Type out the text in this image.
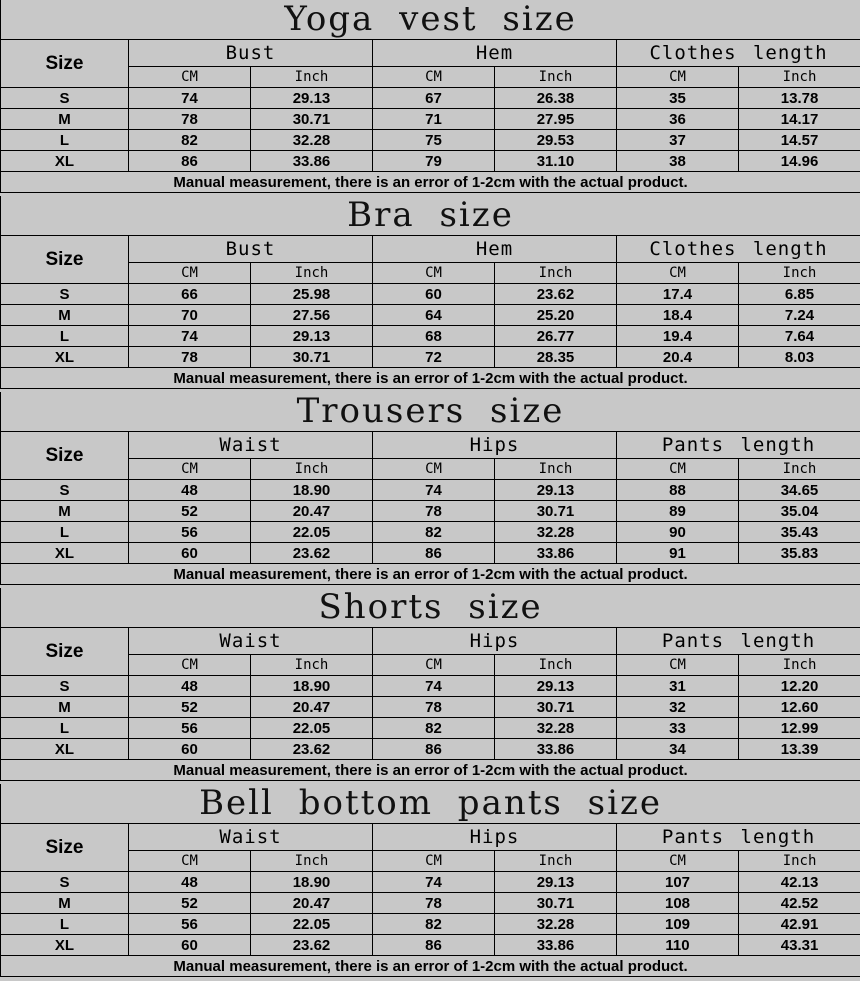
Yoga vest size						
Size	Bust		Hem		Clothes length	
	CM	Inch	CM	Inch	CM	Inch
S	74	29.13	67	26.38	35	13.78
M	78	30.71	71	27.95	36	14.17
L	82	32.28	75	29.53	37	14.57
XL	86	33.86	79	31.10	38	14.96
Manual measurement, there is an error of 1-2cm with the actual product.						
Bra size						
Size	Bust		Hem		Clothes length	
	CM	Inch	CM	Inch	CM	Inch
S	66	25.98	60	23.62	17.4	6.85
M	70	27.56	64	25.20	18.4	7.24
L	74	29.13	68	26.77	19.4	7.64
XL	78	30.71	72	28.35	20.4	8.03
Manual measurement, there is an error of 1-2cm with the actual product.						
Trousers size						
Size	Waist		Hips		Pants length	
	CM	Inch	CM	Inch	CM	Inch
S	48	18.90	74	29.13	88	34.65
M	52	20.47	78	30.71	89	35.04
L	56	22.05	82	32.28	90	35.43
XL	60	23.62	86	33.86	91	35.83
Manual measurement, there is an error of 1-2cm with the actual product.						
Shorts size						
Size	Waist		Hips		Pants length	
	CM	Inch	CM	Inch	CM	Inch
S	48	18.90	74	29.13	31	12.20
M	52	20.47	78	30.71	32	12.60
L	56	22.05	82	32.28	33	12.99
XL	60	23.62	86	33.86	34	13.39
Manual measurement, there is an error of 1-2cm with the actual product.						
Bell bottom pants size						
Size	Waist		Hips		Pants length	
	CM	Inch	CM	Inch	CM	Inch
S	48	18.90	74	29.13	107	42.13
M	52	20.47	78	30.71	108	42.52
L	56	22.05	82	32.28	109	42.91
XL	60	23.62	86	33.86	110	43.31
Manual measurement, there is an error of 1-2cm with the actual product.						
